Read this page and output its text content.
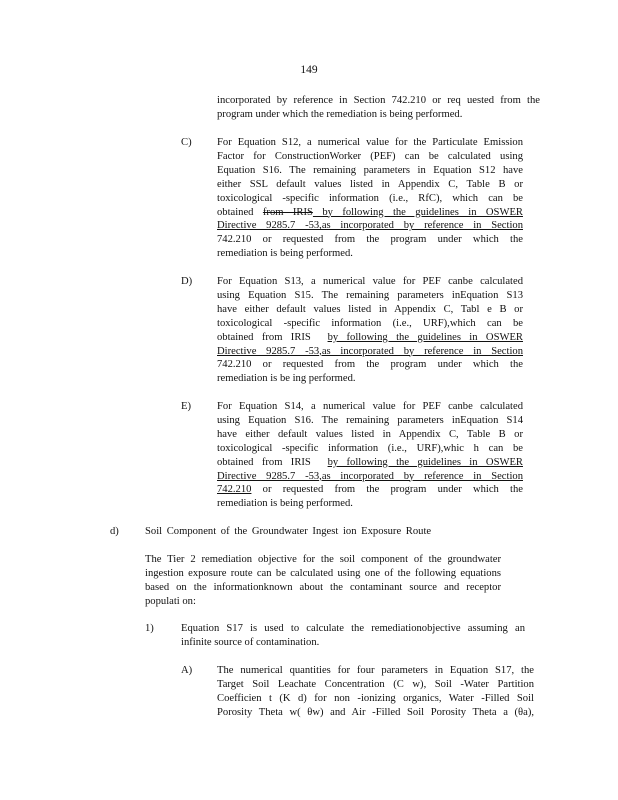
149
incorporated by reference in Section 742.210 or req uested from the
program under which the remediation is being performed.
C) For Equation S12, a numerical value for the Particulate Emission
Factor for ConstructionWorker (PEF) can be calculated using
Equation S16. The remaining parameters in Equation S12 have
either SSL default values listed in Appendix C, Table B or
toxicological -specific information (i.e., RfC), which can be
obtained from IRIS by following the guidelines in OSWER
Directive 9285.7 -53,as incorporated by reference in Section
742.210 or requested from the program under which the
remediation is being performed.
D) For Equation S13, a numerical value for PEF canbe calculated
using Equation S15. The remaining parameters inEquation S13
have either default values listed in Appendix C, Tabl e B or
toxicological -specific information (i.e., URF),which can be
obtained from IRIS by following the guidelines in OSWER
Directive 9285.7 -53,as incorporated by reference in Section
742.210 or requested from the program under which the
remediation is be ing performed.
E) For Equation S14, a numerical value for PEF canbe calculated
using Equation S16. The remaining parameters inEquation S14
have either default values listed in Appendix C, Table B or
toxicological -specific information (i.e., URF),whic h can be
obtained from IRIS by following the guidelines in OSWER
Directive 9285.7 -53,as incorporated by reference in Section
742.210 or requested from the program under which the
remediation is being performed.
d) Soil Component of the Groundwater Ingest ion Exposure Route
The Tier 2 remediation objective for the soil component of the groundwater
ingestion exposure route can be calculated using one of the following equations
based on the informationknown about the contaminant source and receptor
populati on:
1)	Equation S17 is used to calculate the remediationobjective assuming an
infinite source of contamination.
A) The numerical quantities for four parameters in Equation S17, the
Target Soil Leachate Concentration (C w), Soil -Water Partition
Coefficien t (K d) for non -ionizing organics, Water -Filled Soil
Porosity Theta w( θw) and Air -Filled Soil Porosity Theta a (θa),
